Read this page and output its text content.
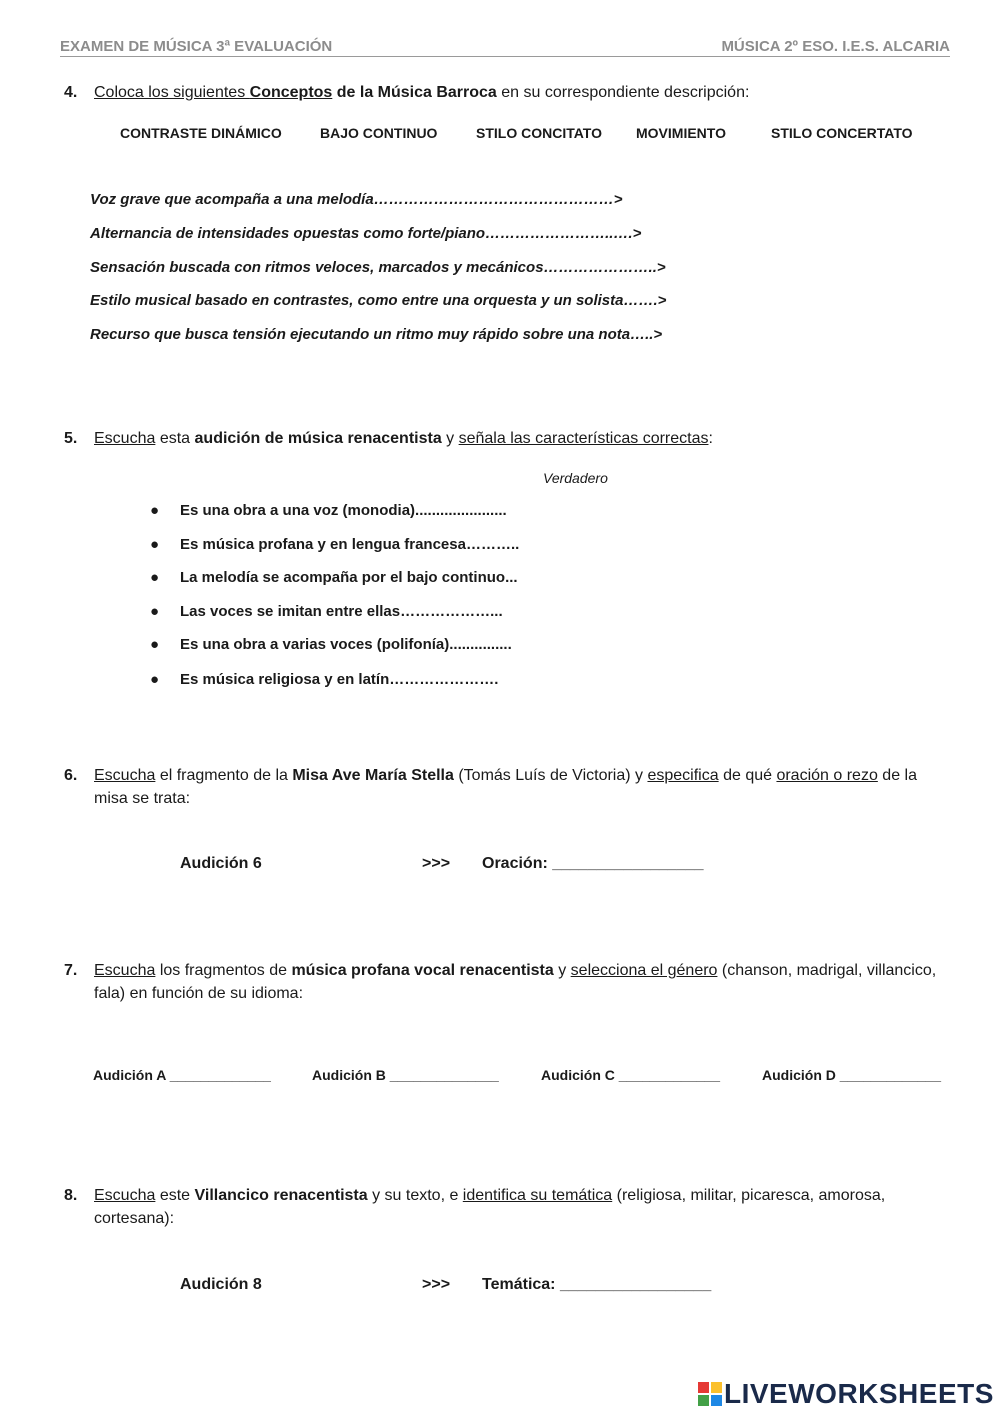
EXAMEN DE MÚSICA 3ª EVALUACIÓN	MÚSICA 2º ESO. I.E.S. ALCARIA
4. Coloca los siguientes Conceptos de la Música Barroca en su correspondiente descripción:
CONTRASTE DINÁMICO	BAJO CONTINUO	STILO CONCITATO MOVIMIENTO	STILO CONCERTATO
Voz grave que acompaña a una melodía…………………………………………>
Alternancia de intensidades opuestas como forte/piano……………………..….>
Sensación buscada con ritmos veloces, marcados y mecánicos…………………..>
Estilo musical basado en contrastes, como entre una orquesta y un solista…….>
Recurso que busca tensión ejecutando un ritmo muy rápido sobre una nota…..>
5. Escucha esta audición de música renacentista y señala las características correctas:
Verdadero
● Es una obra a una voz (monodia)......................
● Es música profana y en lengua francesa………..
● La melodía se acompaña por el bajo continuo...
● Las voces se imitan entre ellas………………...
● Es una obra a varias voces (polifonía)...............
● Es música religiosa y en latín………………….
6. Escucha el fragmento de la Misa Ave María Stella (Tomás Luís de Victoria) y especifica de qué oración o rezo de la misa se trata:
Audición 6	>>> Oración: _________________
7. Escucha los fragmentos de música profana vocal renacentista y selecciona el género (chanson, madrigal, villancico, fala) en función de su idioma:
Audición A _____________	Audición B ______________	Audición C _____________	Audición D _____________
8. Escucha este Villancico renacentista y su texto, e identifica su temática (religiosa, militar, picaresca, amorosa, cortesana):
Audición 8	>>> Temática: _________________
LIVEWORKSHEETS
